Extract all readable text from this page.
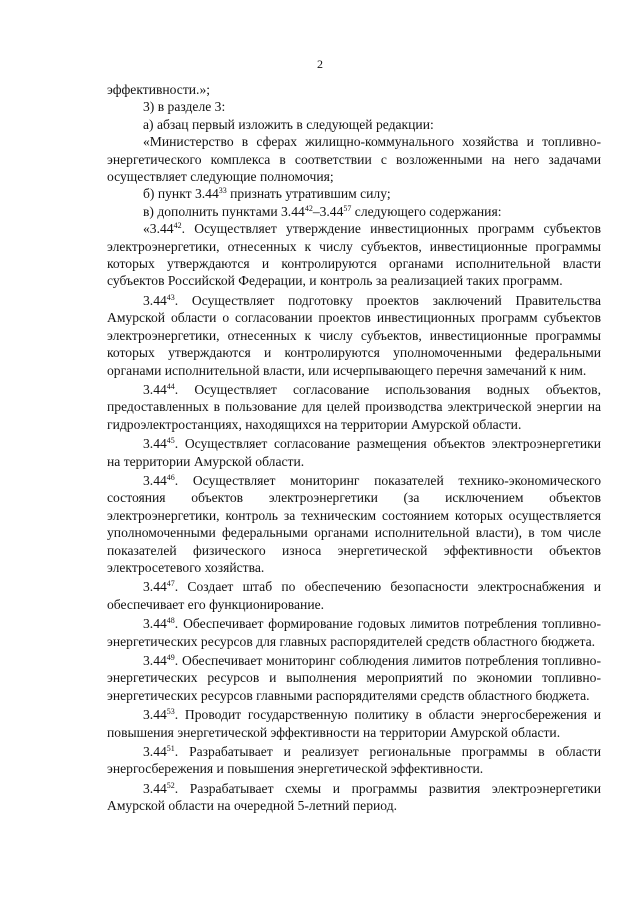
2

эффективности.»;

3) в разделе 3:

а) абзац первый изложить в следующей редакции:

«Министерство в сферах жилищно-коммунального хозяйства и топливно-энергетического комплекса в соответствии с возложенными на него задачами осуществляет следующие полномочия;

б) пункт 3.44$^{33}$ признать утратившим силу;

в) дополнить пунктами 3.44$^{42}$–3.44$^{57}$ следующего содержания:

«3.44$^{42}$. Осуществляет утверждение инвестиционных программ субъектов электроэнергетики, отнесенных к числу субъектов, инвестиционные программы которых утверждаются и контролируются органами исполнительной власти субъектов Российской Федерации, и контроль за реализацией таких программ.

3.44$^{43}$. Осуществляет подготовку проектов заключений Правительства Амурской области о согласовании проектов инвестиционных программ субъектов электроэнергетики, отнесенных к числу субъектов, инвестиционные программы которых утверждаются и контролируются уполномоченными федеральными органами исполнительной власти, или исчерпывающего перечня замечаний к ним.

3.44$^{44}$. Осуществляет согласование использования водных объектов, предоставленных в пользование для целей производства электрической энергии на гидроэлектростанциях, находящихся на территории Амурской области.

3.44$^{45}$. Осуществляет согласование размещения объектов электроэнергетики на территории Амурской области.

3.44$^{46}$. Осуществляет мониторинг показателей технико-экономического состояния объектов электроэнергетики (за исключением объектов электроэнергетики, контроль за техническим состоянием которых осуществляется уполномоченными федеральными органами исполнительной власти), в том числе показателей физического износа энергетической эффективности объектов электросетевого хозяйства.

3.44$^{47}$. Создает штаб по обеспечению безопасности электроснабжения и обеспечивает его функционирование.

3.44$^{48}$. Обеспечивает формирование годовых лимитов потребления топливно-энергетических ресурсов для главных распорядителей средств областного бюджета.

3.44$^{49}$. Обеспечивает мониторинг соблюдения лимитов потребления топливно-энергетических ресурсов и выполнения мероприятий по экономии топливно-энергетических ресурсов главными распорядителями средств областного бюджета.

3.44$^{53}$. Проводит государственную политику в области энергосбережения и повышения энергетической эффективности на территории Амурской области.

3.44$^{51}$. Разрабатывает и реализует региональные программы в области энергосбережения и повышения энергетической эффективности.

3.44$^{52}$. Разрабатывает схемы и программы развития электроэнергетики Амурской области на очередной 5-летний период.
